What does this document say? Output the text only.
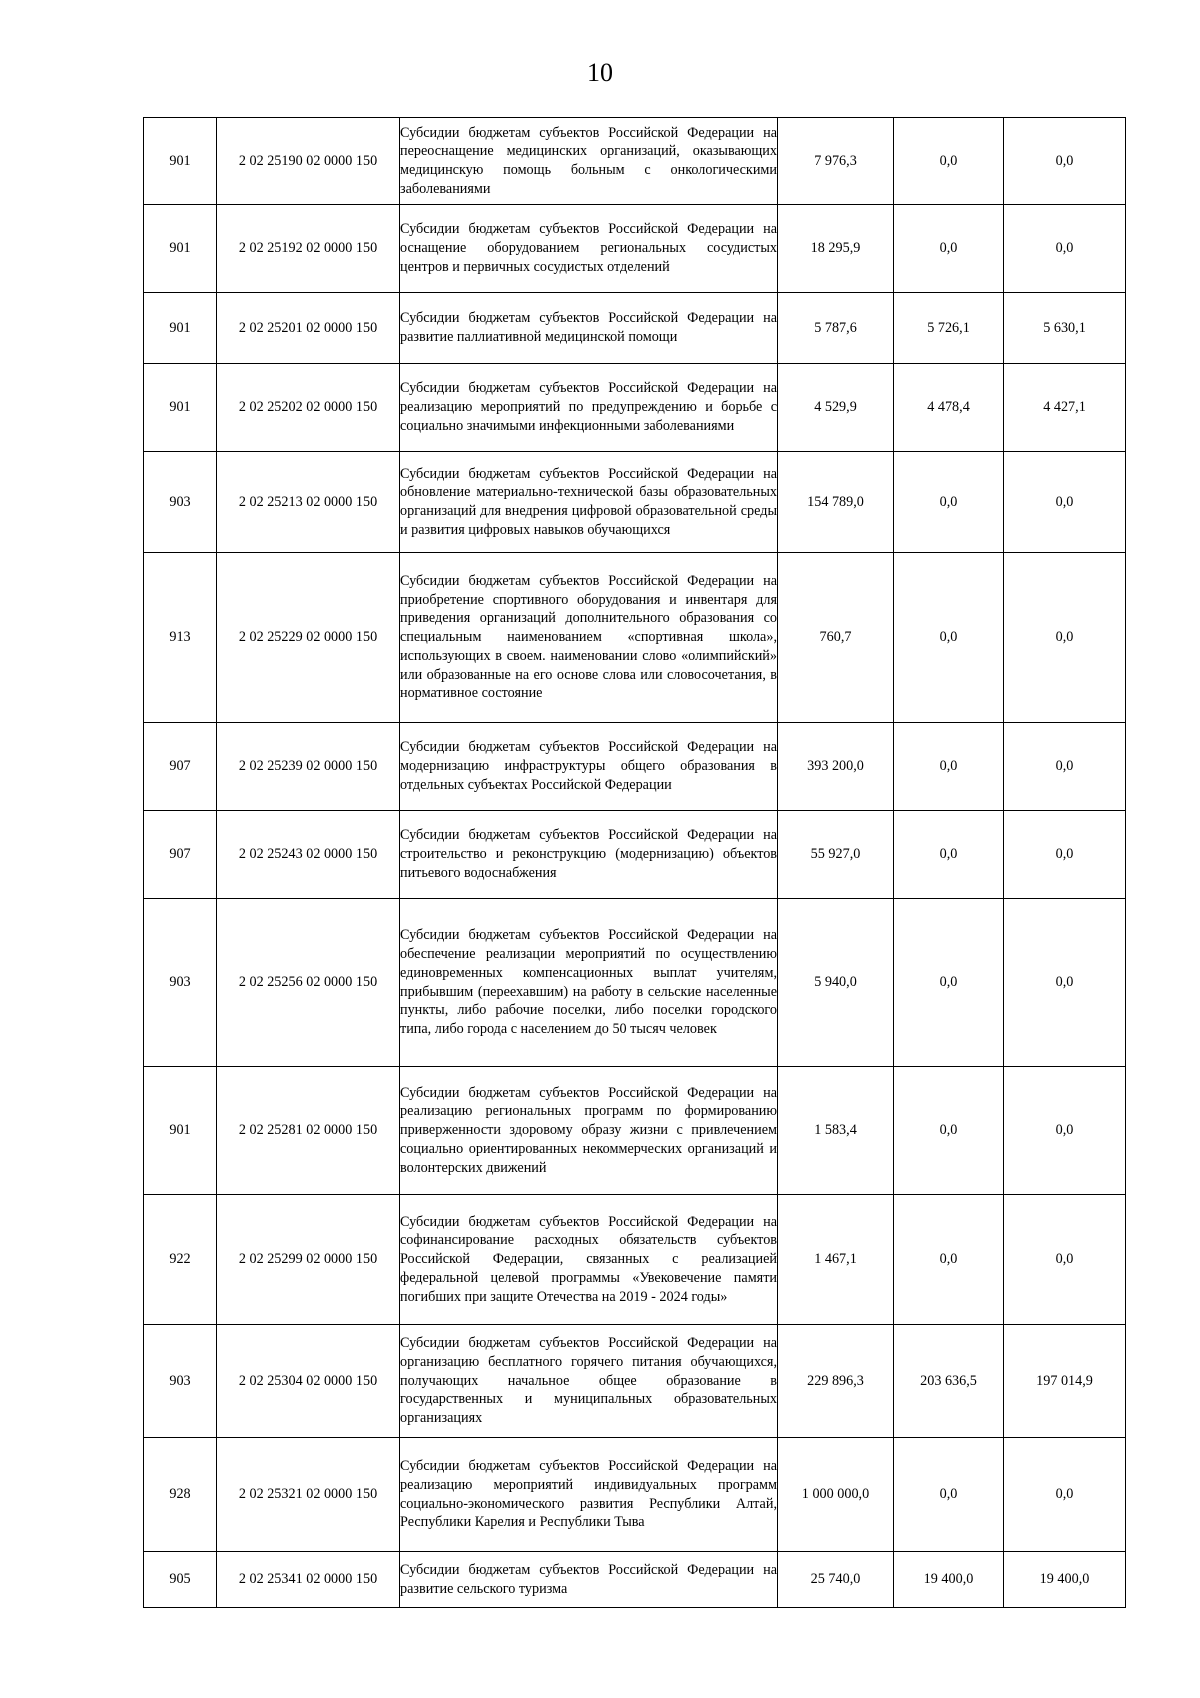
10
901	2 02 25190 02 0000 150	Субсидии бюджетам субъектов Российской Федерации на переоснащение медицинских организаций, оказывающих медицинскую помощь больным с онкологическими заболеваниями	7 976,3	0,0	0,0
901	2 02 25192 02 0000 150	Субсидии бюджетам субъектов Российской Федерации на оснащение оборудованием региональных сосудистых центров и первичных сосудистых отделений	18 295,9	0,0	0,0
901	2 02 25201 02 0000 150	Субсидии бюджетам субъектов Российской Федерации на развитие паллиативной медицинской помощи	5 787,6	5 726,1	5 630,1
901	2 02 25202 02 0000 150	Субсидии бюджетам субъектов Российской Федерации на реализацию мероприятий по предупреждению и борьбе с социально значимыми инфекционными заболеваниями	4 529,9	4 478,4	4 427,1
903	2 02 25213 02 0000 150	Субсидии бюджетам субъектов Российской Федерации на обновление материально-технической базы образовательных организаций для внедрения цифровой образовательной среды и развития цифровых навыков обучающихся	154 789,0	0,0	0,0
913	2 02 25229 02 0000 150	Субсидии бюджетам субъектов Российской Федерации на приобретение спортивного оборудования и инвентаря для приведения организаций дополнительного образования со специальным наименованием «спортивная школа», использующих в своем. наименовании слово «олимпийский» или образованные на его основе слова или словосочетания, в нормативное состояние	760,7	0,0	0,0
907	2 02 25239 02 0000 150	Субсидии бюджетам субъектов Российской Федерации на модернизацию инфраструктуры общего образования в отдельных субъектах Российской Федерации	393 200,0	0,0	0,0
907	2 02 25243 02 0000 150	Субсидии бюджетам субъектов Российской Федерации на строительство и реконструкцию (модернизацию) объектов питьевого водоснабжения	55 927,0	0,0	0,0
903	2 02 25256 02 0000 150	Субсидии бюджетам субъектов Российской Федерации на обеспечение реализации мероприятий по осуществлению единовременных компенсационных выплат учителям, прибывшим (переехавшим) на работу в сельские населенные пункты, либо рабочие поселки, либо поселки городского типа, либо города с населением до 50 тысяч человек	5 940,0	0,0	0,0
901	2 02 25281 02 0000 150	Субсидии бюджетам субъектов Российской Федерации на реализацию региональных программ по формированию приверженности здоровому образу жизни с привлечением социально ориентированных некоммерческих организаций и волонтерских движений	1 583,4	0,0	0,0
922	2 02 25299 02 0000 150	Субсидии бюджетам субъектов Российской Федерации на софинансирование расходных обязательств субъектов Российской Федерации, связанных с реализацией федеральной целевой программы «Увековечение памяти погибших при защите Отечества на 2019 - 2024 годы»	1 467,1	0,0	0,0
903	2 02 25304 02 0000 150	Субсидии бюджетам субъектов Российской Федерации на организацию бесплатного горячего питания обучающихся, получающих начальное общее образование в государственных и муниципальных образовательных организациях	229 896,3	203 636,5	197 014,9
928	2 02 25321 02 0000 150	Субсидии бюджетам субъектов Российской Федерации на реализацию мероприятий индивидуальных программ социально-экономического развития Республики Алтай, Республики Карелия и Республики Тыва	1 000 000,0	0,0	0,0
905	2 02 25341 02 0000 150	Субсидии бюджетам субъектов Российской Федерации на развитие сельского туризма	25 740,0	19 400,0	19 400,0
